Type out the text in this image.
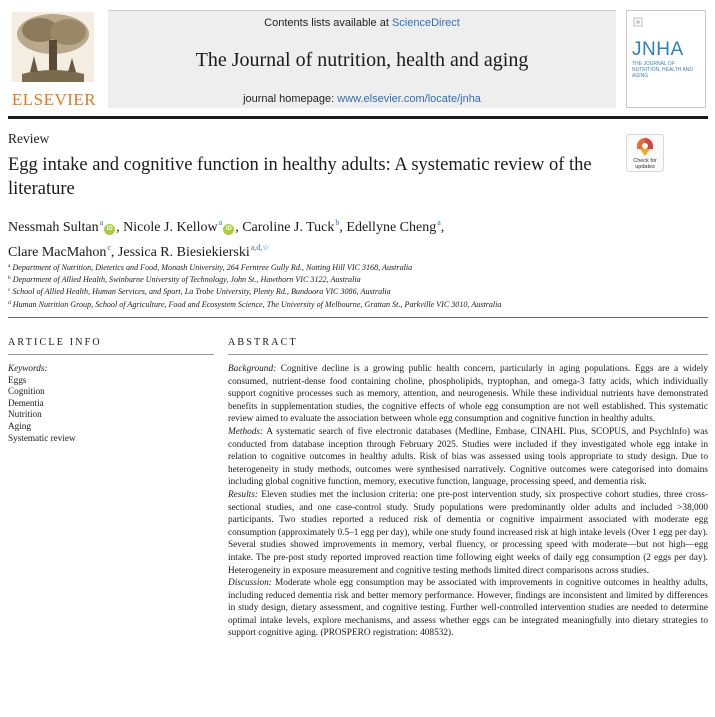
ELSEVIER
Contents lists available at ScienceDirect
The Journal of nutrition, health and aging
journal homepage: www.elsevier.com/locate/jnha
JNHA
THE JOURNAL OF NUTRITION, HEALTH AND AGING
Review
Check for updates
Egg intake and cognitive function in healthy adults: A systematic review of the literature
Nessmah Sultan$^a$iD , Nicole J. Kellow$^a$iD , Caroline J. Tuck$^b$, Edellyne Cheng$^a$,
Clare MacMahon$^c$, Jessica R. Biesiekierski$^{a,d,☆}$
$^a$ Department of Nutrition, Dietetics and Food, Monash University, 264 Ferntree Gully Rd., Notting Hill VIC 3168, Australia
$^b$ Department of Allied Health, Swinburne University of Technology, John St., Hawthorn VIC 3122, Australia
$^c$ School of Allied Health, Human Services, and Sport, La Trobe University, Plenty Rd., Bundoora VIC 3086, Australia
$^d$ Human Nutrition Group, School of Agriculture, Food and Ecosystem Science, The University of Melbourne, Grattan St., Parkville VIC 3010, Australia
ARTICLE INFO	ABSTRACT
Keywords:
Eggs
Cognition
Dementia
Nutrition
Aging
Systematic review

Background: Cognitive decline is a growing public health concern, particularly in aging populations. Eggs are a widely consumed, nutrient-dense food containing choline, phospholipids, tryptophan, and omega-3 fatty acids, which individually support cognitive processes such as memory, attention, and neurogenesis. While these individual nutrients have demonstrated benefits in supplementation studies, the cognitive effects of whole egg consumption are not well established. This systematic review aimed to evaluate the association between whole egg consumption and cognitive function in healthy adults.

Methods: A systematic search of five electronic databases (Medline, Embase, CINAHL Plus, SCOPUS, and PsychInfo) was conducted from database inception through February 2025. Studies were included if they investigated whole egg intake in relation to cognitive outcomes in healthy adults. Risk of bias was assessed using tools appropriate to study design. Due to heterogeneity in study methods, outcomes were synthesised narratively. Cognitive outcomes were categorised into domains including global cognitive function, memory, executive function, language, processing speed, and dementia risk.

Results: Eleven studies met the inclusion criteria: one pre-post intervention study, six prospective cohort studies, three cross-sectional studies, and one case-control study. Study populations were predominantly older adults and included >38,000 participants. Two studies reported a reduced risk of dementia or cognitive impairment associated with moderate egg consumption (approximately 0.5–1 egg per day), while one study found increased risk at high intake levels (Over 1 egg per day). Several studies showed improvements in memory, verbal fluency, or processing speed with moderate—but not high—egg intake. The pre-post study reported improved reaction time following eight weeks of daily egg consumption (2 eggs per day). Heterogeneity in exposure measurement and cognitive testing methods limited direct comparisons across studies.

Discussion: Moderate whole egg consumption may be associated with improvements in cognitive outcomes in healthy adults, including reduced dementia risk and better memory performance. However, findings are inconsistent and limited by differences in study design, dietary assessment, and cognitive testing. Further well-controlled intervention studies are needed to determine optimal intake levels, explore mechanisms, and assess whether eggs can be integrated meaningfully into dietary strategies to support cognitive aging. (PROSPERO registration: 408532).
